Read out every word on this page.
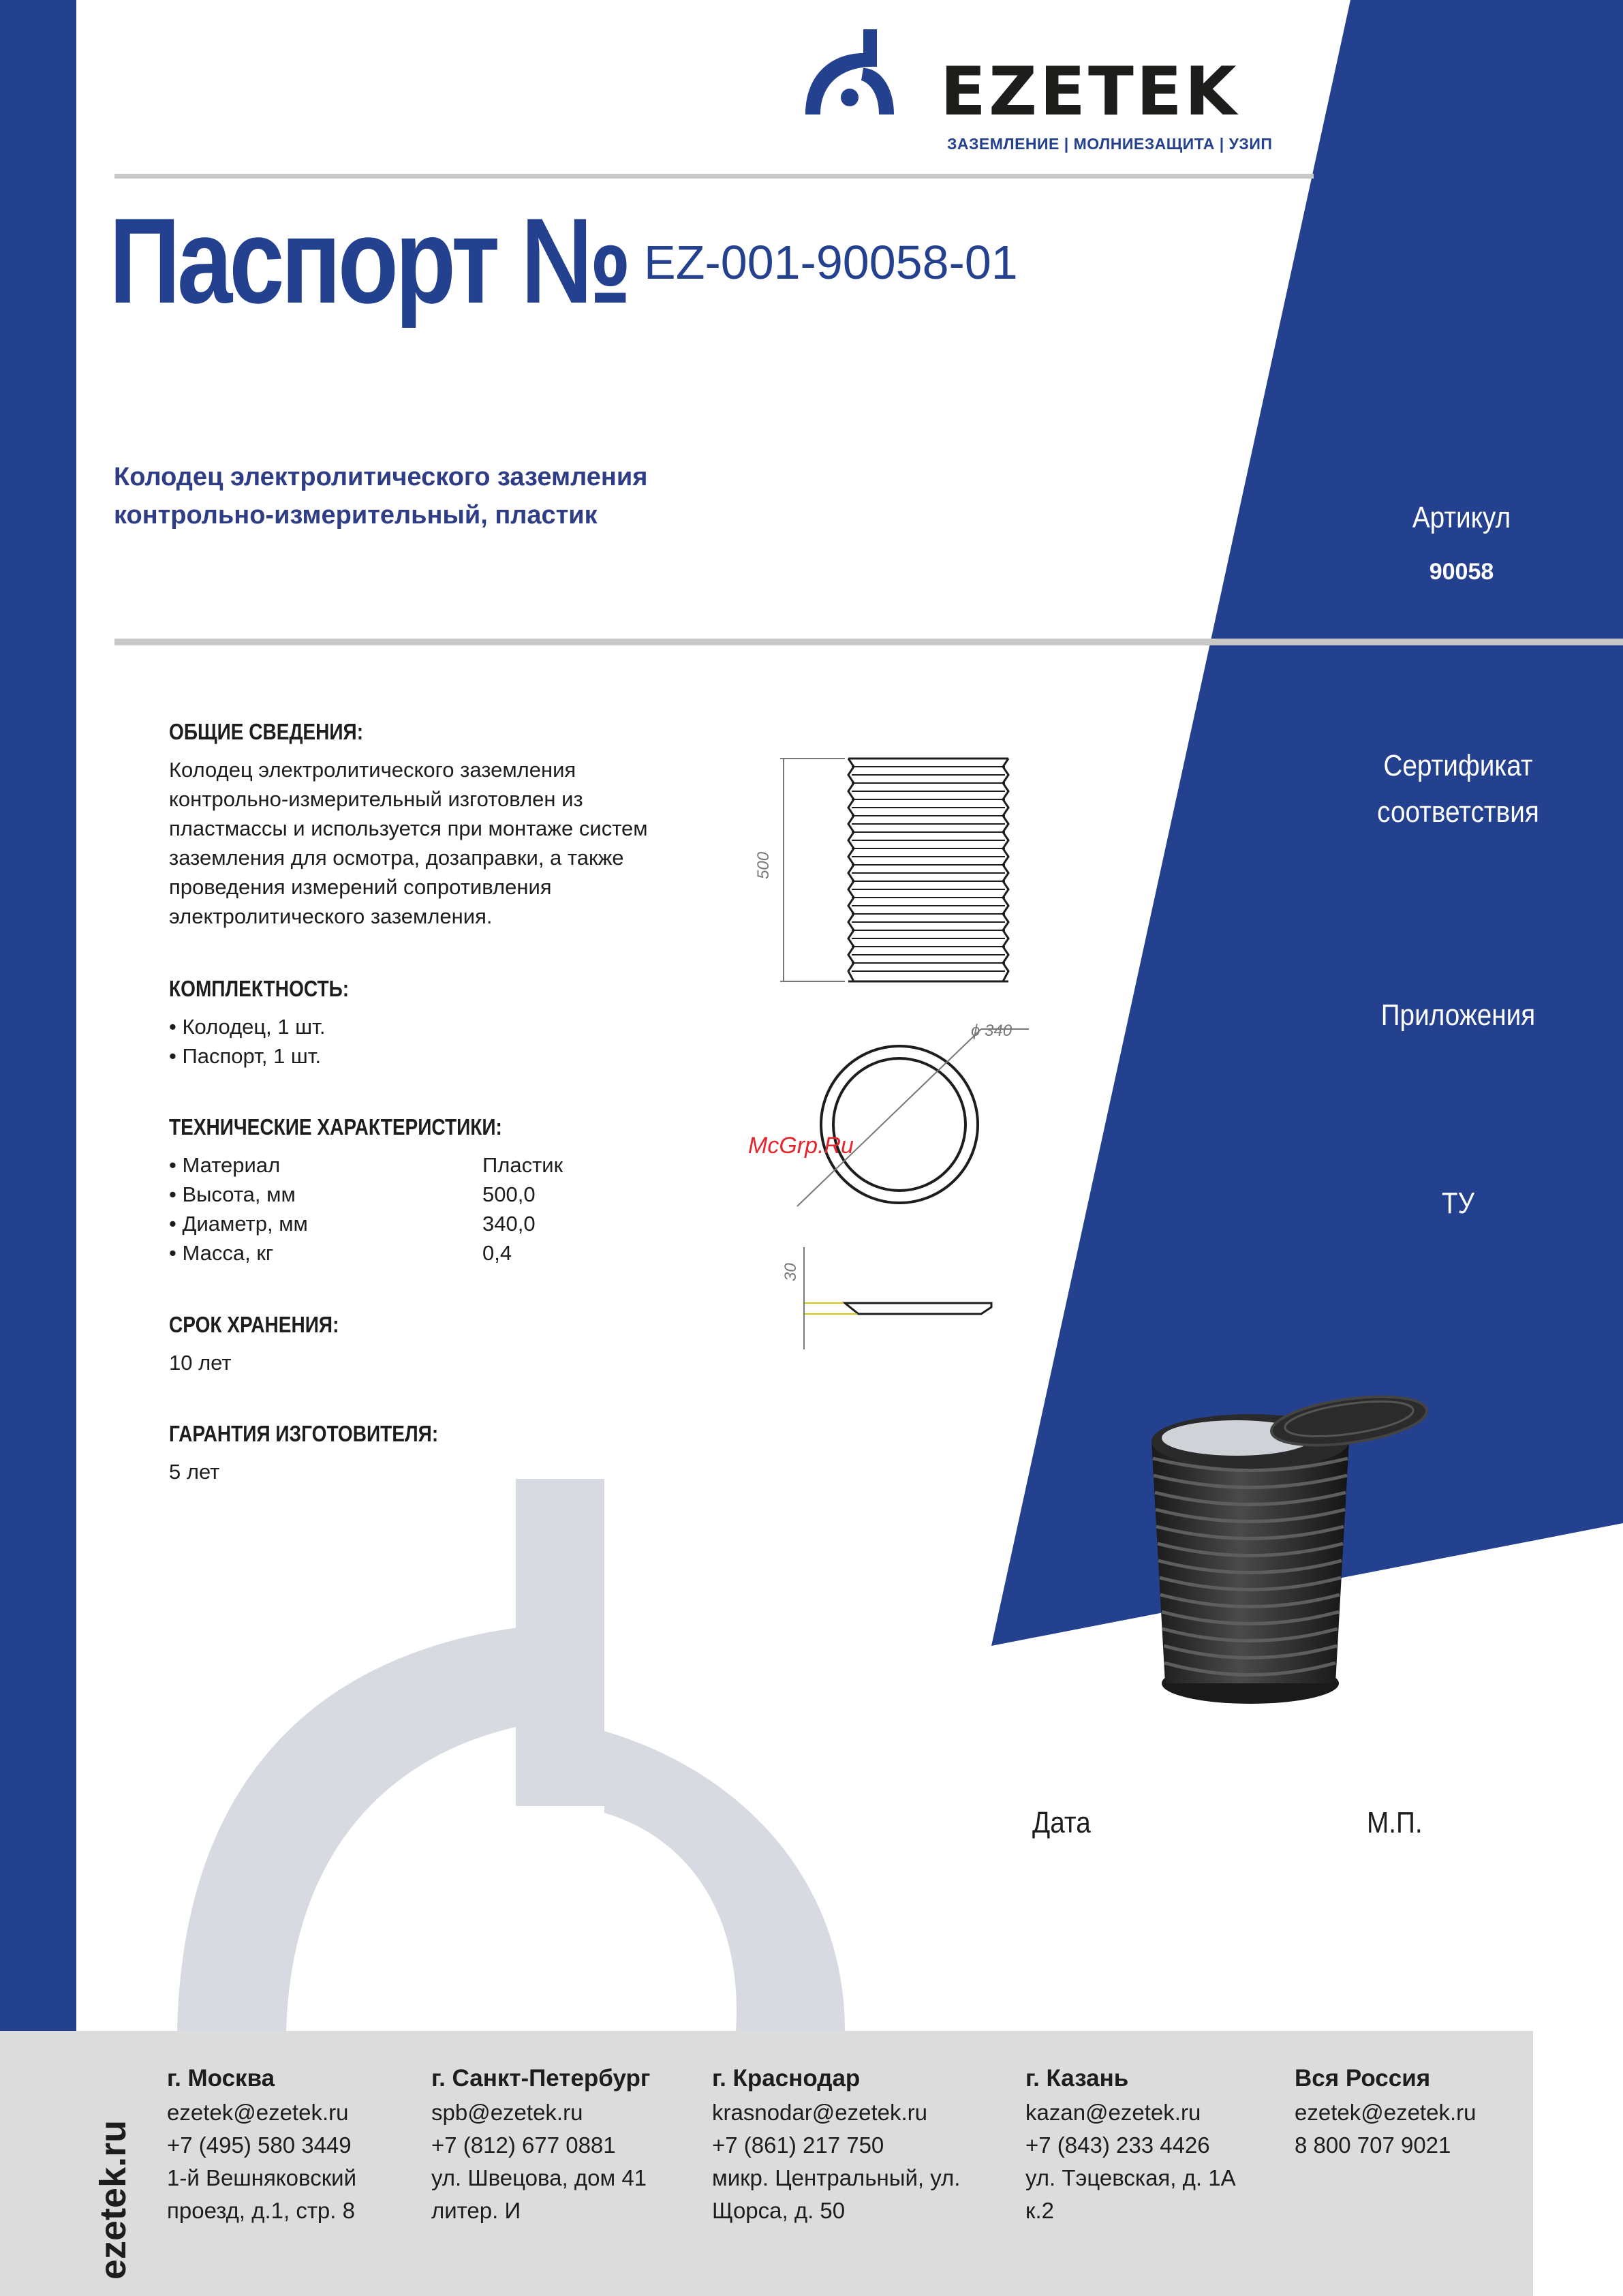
EZETEK
ЗАЗЕМЛЕНИЕ | МОЛНИЕЗАЩИТА | УЗИП
Паспорт № EZ-001-90058-01
Колодец электролитического заземления
контрольно-измерительный, пластик	Артикул
90058
Сертификат
соответствия
Приложения
ТУ
ОБЩИЕ СВЕДЕНИЯ:
Колодец электролитического заземления
контрольно-измерительный изготовлен из
пластмассы и используется при монтаже систем
заземления для осмотра, дозаправки, а также
проведения измерений сопротивления
электролитического заземления.
КОМПЛЕКТНОСТЬ:
• Колодец, 1 шт.
• Паспорт, 1 шт.
ТЕХНИЧЕСКИЕ ХАРАКТЕРИСТИКИ:
• Материал	Пластик
• Высота, мм	500,0
• Диаметр, мм	340,0
• Масса, кг	0,4
СРОК ХРАНЕНИЯ:
10 лет
ГАРАНТИЯ ИЗГОТОВИТЕЛЯ:
5 лет
500
ϕ 340
30
McGrp.Ru
Дата	М.П.
ezetek.ru
г. Москва
ezetek@ezetek.ru
+7 (495) 580 3449
1-й Вешняковский
проезд, д.1, стр. 8
г. Санкт-Петербург
spb@ezetek.ru
+7 (812) 677 0881
ул. Швецова, дом 41
литер. И
г. Краснодар
krasnodar@ezetek.ru
+7 (861) 217 750
микр. Центральный, ул.
Щорса, д. 50
г. Казань
kazan@ezetek.ru
+7 (843) 233 4426
ул. Тэцевская, д. 1А
к.2
Вся Россия
ezetek@ezetek.ru
8 800 707 9021
